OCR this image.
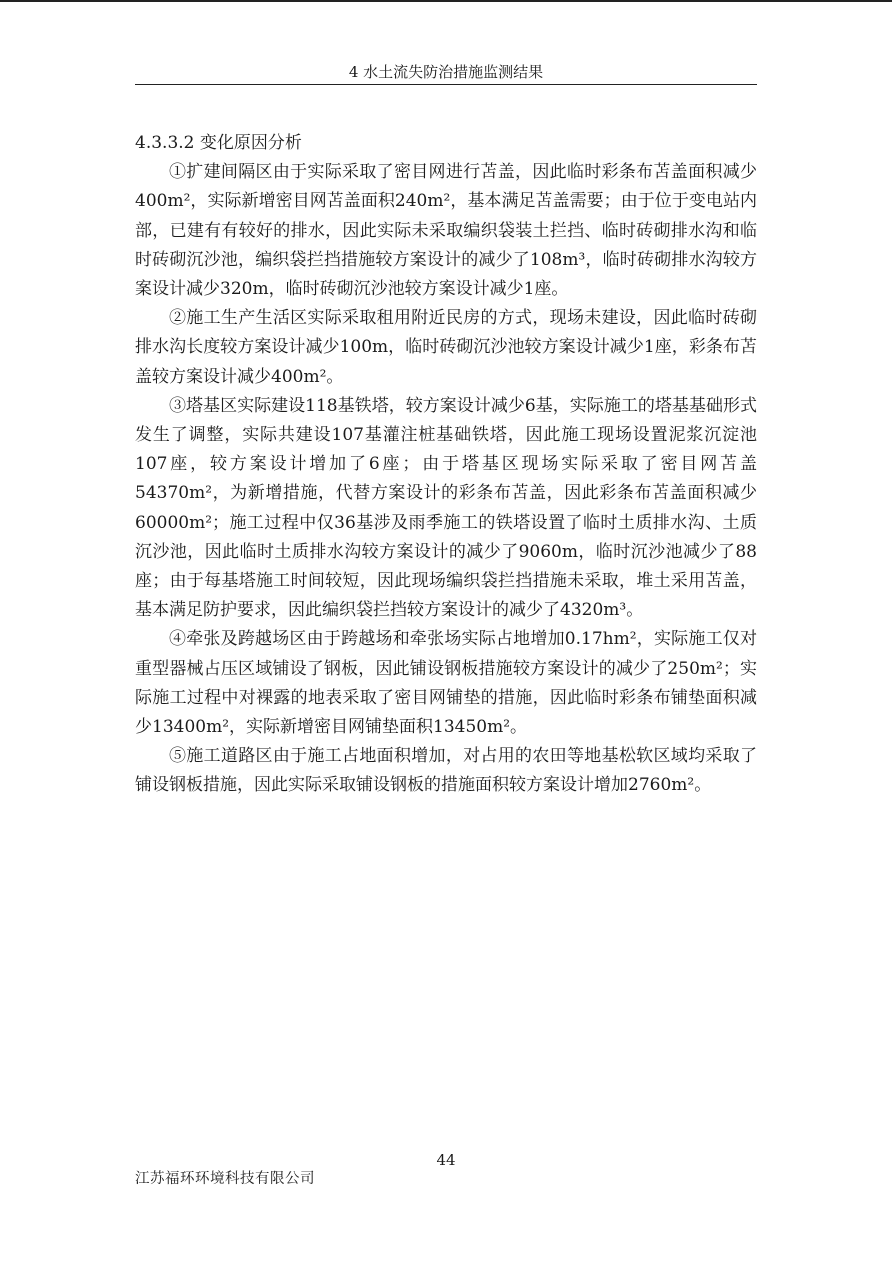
4 水土流失防治措施监测结果
4.3.3.2 变化原因分析

①扩建间隔区由于实际采取了密目网进行苫盖，因此临时彩条布苫盖面积减少400m²，实际新增密目网苫盖面积240m²，基本满足苫盖需要；由于位于变电站内部，已建有有较好的排水，因此实际未采取编织袋装土拦挡、临时砖砌排水沟和临时砖砌沉沙池，编织袋拦挡措施较方案设计的减少了108m³，临时砖砌排水沟较方案设计减少320m，临时砖砌沉沙池较方案设计减少1座。

②施工生产生活区实际采取租用附近民房的方式，现场未建设，因此临时砖砌排水沟长度较方案设计减少100m，临时砖砌沉沙池较方案设计减少1座，彩条布苫盖较方案设计减少400m²。

③塔基区实际建设118基铁塔，较方案设计减少6基，实际施工的塔基基础形式发生了调整，实际共建设107基灌注桩基础铁塔，因此施工现场设置泥浆沉淀池107座，较方案设计增加了6座；由于塔基区现场实际采取了密目网苫盖54370m²，为新增措施，代替方案设计的彩条布苫盖，因此彩条布苫盖面积减少60000m²；施工过程中仅36基涉及雨季施工的铁塔设置了临时土质排水沟、土质沉沙池，因此临时土质排水沟较方案设计的减少了9060m，临时沉沙池减少了88座；由于每基塔施工时间较短，因此现场编织袋拦挡措施未采取，堆土采用苫盖，基本满足防护要求，因此编织袋拦挡较方案设计的减少了4320m³。

④牵张及跨越场区由于跨越场和牵张场实际占地增加0.17hm²，实际施工仅对重型器械占压区域铺设了钢板，因此铺设钢板措施较方案设计的减少了250m²；实际施工过程中对裸露的地表采取了密目网铺垫的措施，因此临时彩条布铺垫面积减少13400m²，实际新增密目网铺垫面积13450m²。

⑤施工道路区由于施工占地面积增加，对占用的农田等地基松软区域均采取了铺设钢板措施，因此实际采取铺设钢板的措施面积较方案设计增加2760m²。

44
江苏福环环境科技有限公司
